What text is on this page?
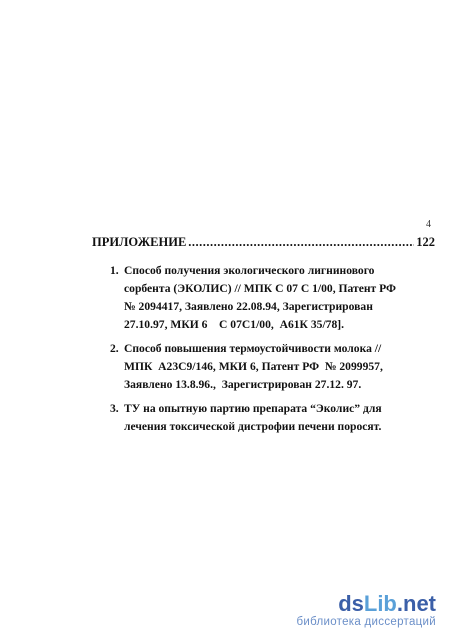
4
ПРИЛОЖЕНИЕ
.....	122
1. Способ получения экологического лигнинового
сорбента (ЭКОЛИС) // МПК С 07 С 1/00, Патент РФ
№ 2094417, Заявлено 22.08.94, Зарегистрирован
27.10.97, МКИ 6    С 07С1/00,  А61К 35/78].
2. Способ повышения термоустойчивости молока //
МПК  А23С9/146, МКИ 6, Патент РФ  № 2099957,
Заявлено 13.8.96.,  Зарегистрирован 27.12. 97.
3. ТУ на опытную партию препарата “Эколис” для
лечения токсической дистрофии печени поросят.
dsLib.net
библиотека диссертаций
